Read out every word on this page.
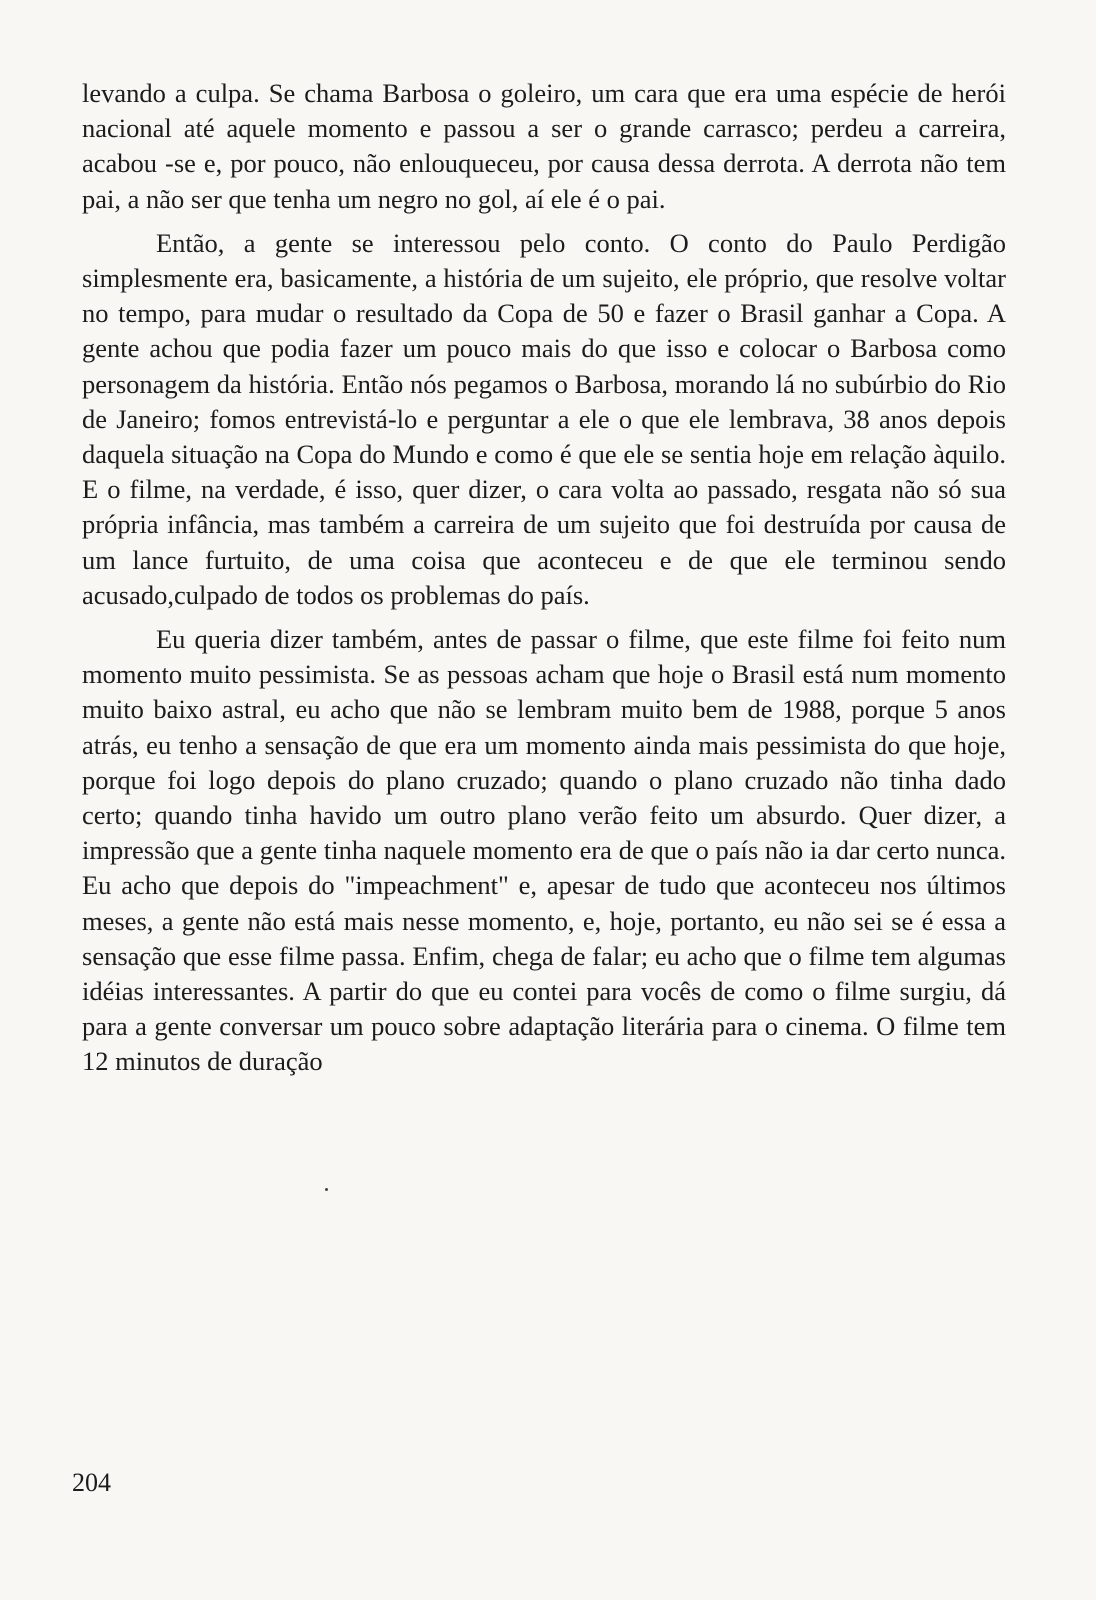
levando a culpa. Se chama Barbosa o goleiro, um cara que era uma espécie de herói nacional até aquele momento e passou a ser o grande carrasco; perdeu a carreira, acabou -se e, por pouco, não enlouqueceu, por causa dessa derrota. A derrota não tem pai, a não ser que tenha um negro no gol, aí ele é o pai.

Então, a gente se interessou pelo conto. O conto do Paulo Perdigão simplesmente era, basicamente, a história de um sujeito, ele próprio, que resolve voltar no tempo, para mudar o resultado da Copa de 50 e fazer o Brasil ganhar a Copa. A gente achou que podia fazer um pouco mais do que isso e colocar o Barbosa como personagem da história. Então nós pegamos o Barbosa, morando lá no subúrbio do Rio de Janeiro; fomos entrevistá-lo e perguntar a ele o que ele lembrava, 38 anos depois daquela situação na Copa do Mundo e como é que ele se sentia hoje em relação àquilo. E o filme, na verdade, é isso, quer dizer, o cara volta ao passado, resgata não só sua própria infância, mas também a carreira de um sujeito que foi destruída por causa de um lance furtuito, de uma coisa que aconteceu e de que ele terminou sendo acusado,culpado de todos os problemas do país.

Eu queria dizer também, antes de passar o filme, que este filme foi feito num momento muito pessimista. Se as pessoas acham que hoje o Brasil está num momento muito baixo astral, eu acho que não se lembram muito bem de 1988, porque 5 anos atrás, eu tenho a sensação de que era um momento ainda mais pessimista do que hoje, porque foi logo depois do plano cruzado; quando o plano cruzado não tinha dado certo; quando tinha havido um outro plano verão feito um absurdo. Quer dizer, a impressão que a gente tinha naquele momento era de que o país não ia dar certo nunca. Eu acho que depois do "impeachment" e, apesar de tudo que aconteceu nos últimos meses, a gente não está mais nesse momento, e, hoje, portanto, eu não sei se é essa a sensação que esse filme passa. Enfim, chega de falar; eu acho que o filme tem algumas idéias interessantes. A partir do que eu contei para vocês de como o filme surgiu, dá para a gente conversar um pouco sobre adaptação literária para o cinema. O filme tem 12 minutos de duração

204
